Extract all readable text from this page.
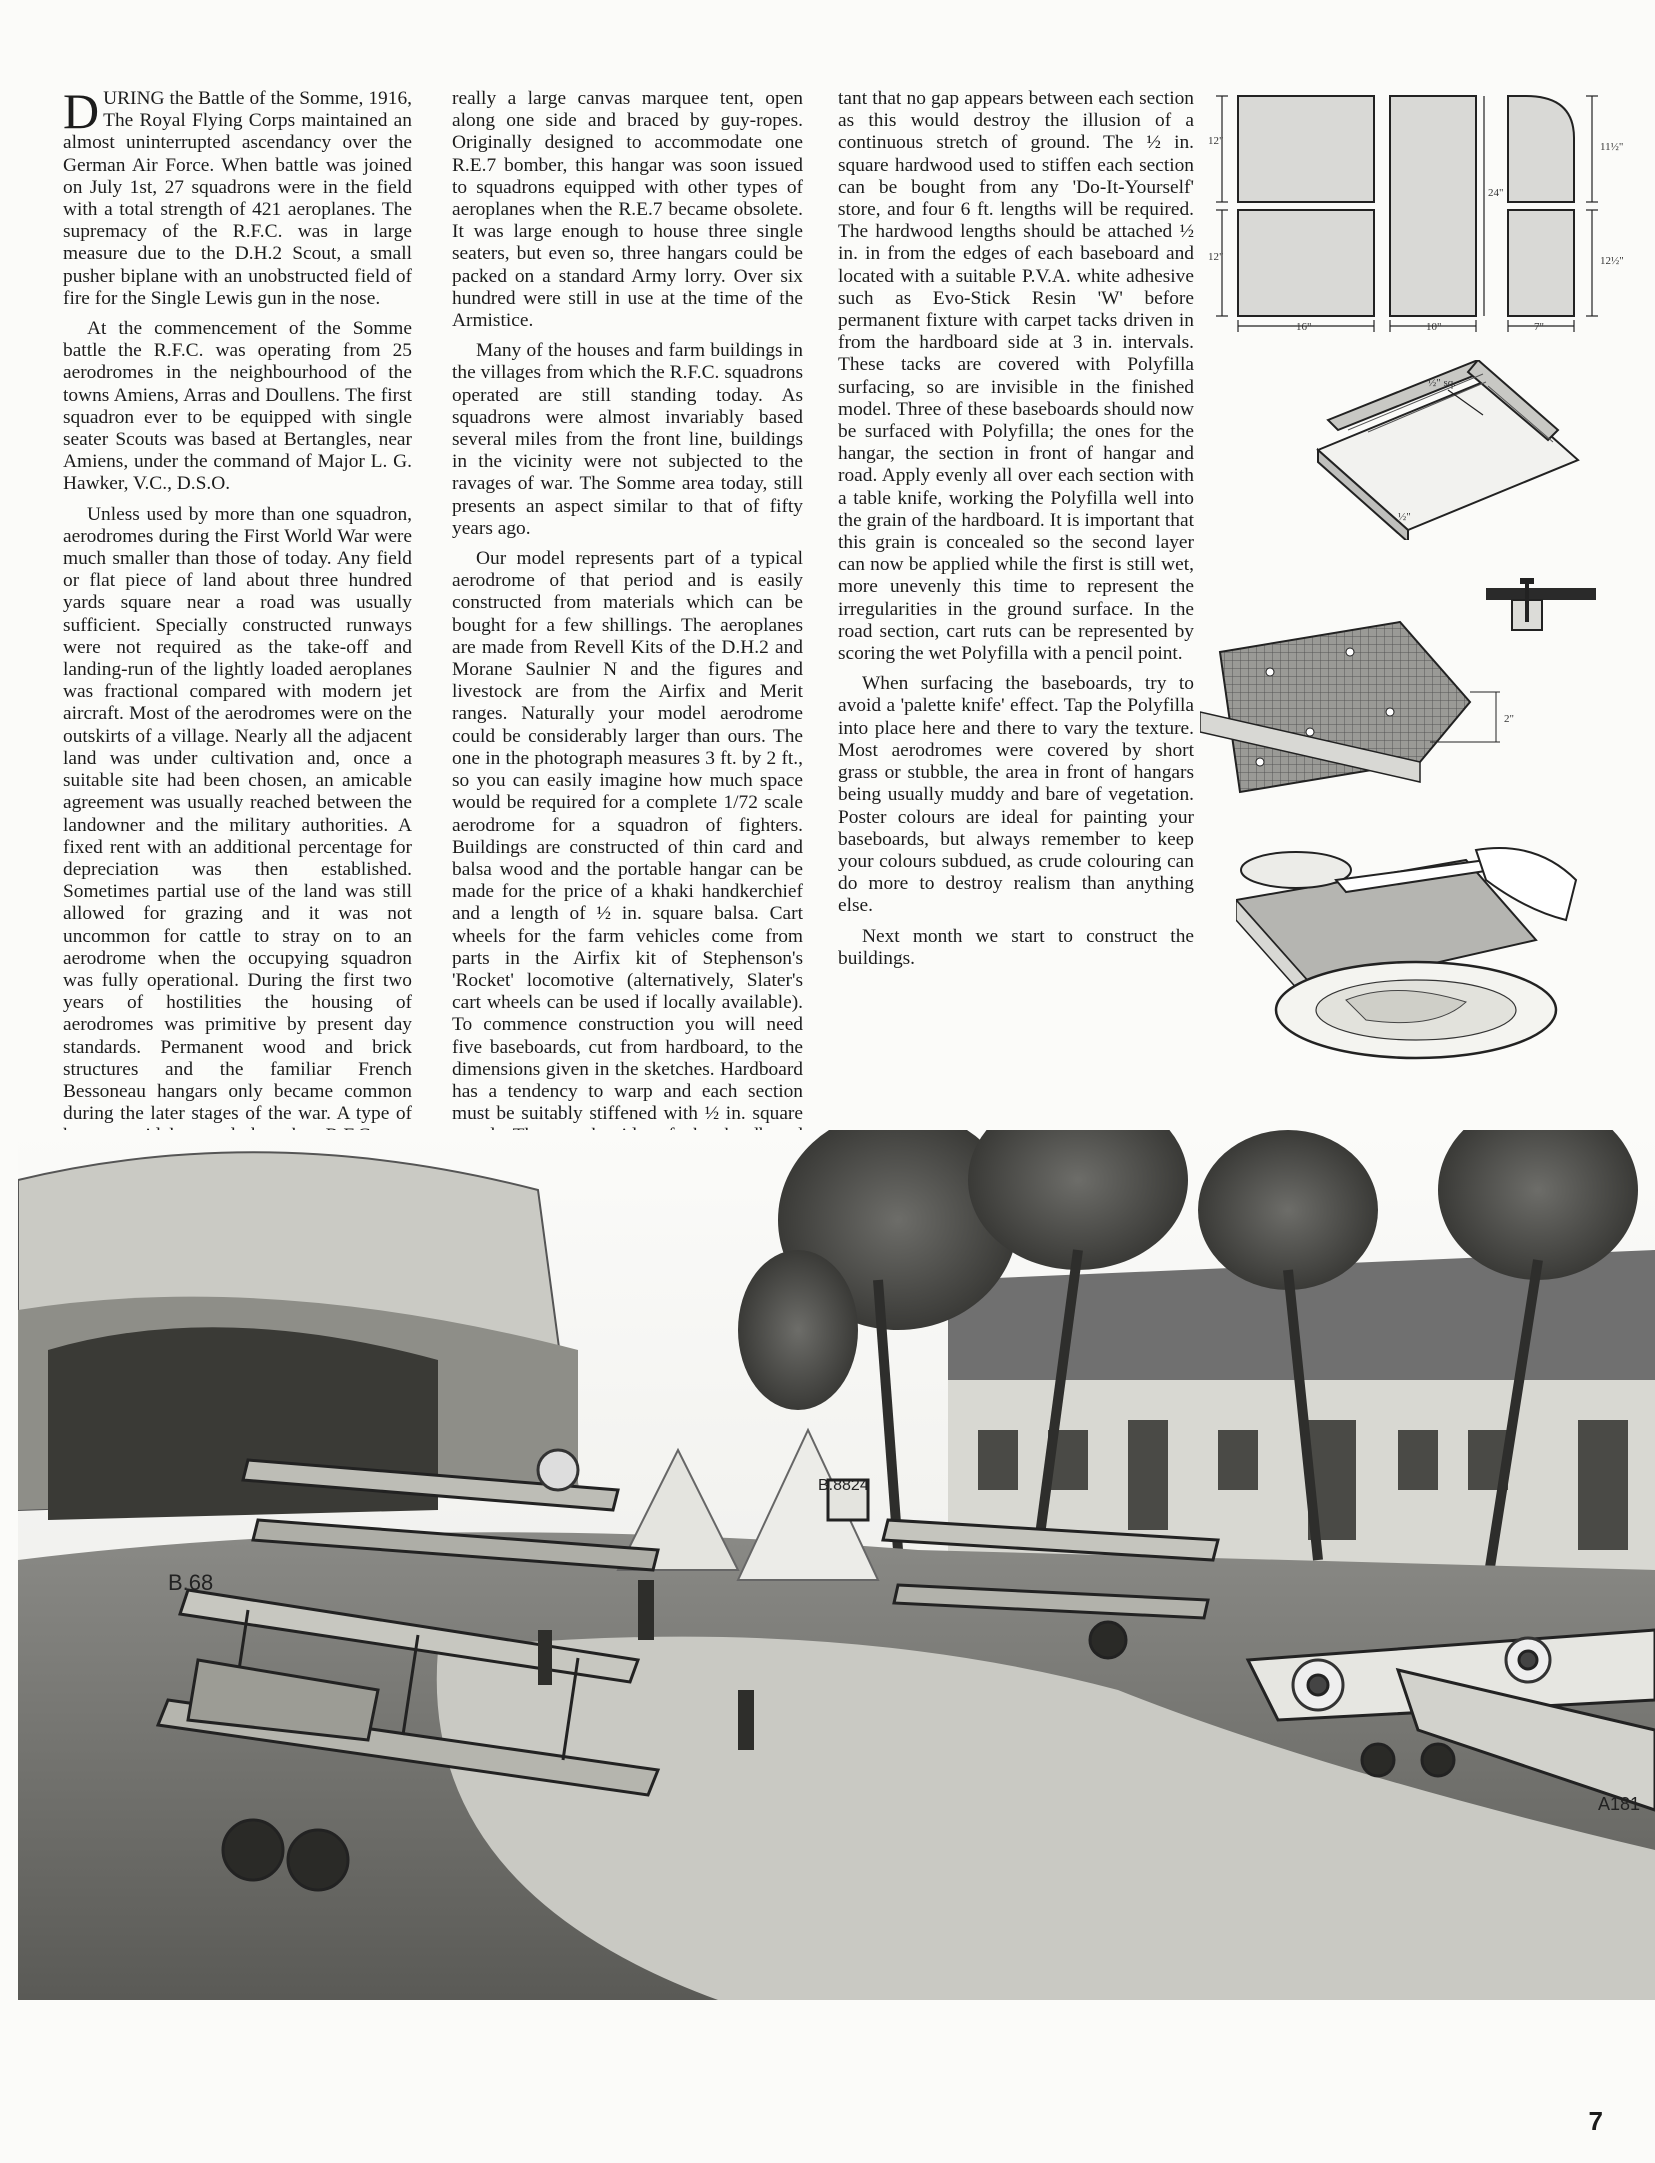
DURING the Battle of the Somme, 1916, The Royal Flying Corps maintained an almost uninterrupted ascendancy over the German Air Force. When battle was joined on July 1st, 27 squadrons were in the field with a total strength of 421 aeroplanes. The supremacy of the R.F.C. was in large measure due to the D.H.2 Scout, a small pusher biplane with an unobstructed field of fire for the Single Lewis gun in the nose.

At the commencement of the Somme battle the R.F.C. was operating from 25 aerodromes in the neighbourhood of the towns Amiens, Arras and Doullens. The first squadron ever to be equipped with single seater Scouts was based at Bertangles, near Amiens, under the command of Major L. G. Hawker, V.C., D.S.O.

Unless used by more than one squadron, aerodromes during the First World War were much smaller than those of today. Any field or flat piece of land about three hundred yards square near a road was usually sufficient. Specially constructed runways were not required as the take-off and landing-run of the lightly loaded aeroplanes was fractional compared with modern jet aircraft. Most of the aerodromes were on the outskirts of a village. Nearly all the adjacent land was under cultivation and, once a suitable site had been chosen, an amicable agreement was usually reached between the landowner and the military authorities. A fixed rent with an additional percentage for depreciation was then established. Sometimes partial use of the land was still allowed for grazing and it was not uncommon for cattle to stray on to an aerodrome when the occupying squadron was fully operational. During the first two years of hostilities the housing of aerodromes was primitive by present day standards. Permanent wood and brick structures and the familiar French Bessoneau hangars only became common during the later stages of the war. A type of

really a large canvas marquee tent, open along one side and braced by guy-ropes. Originally designed to accommodate one R.E.7 bomber, this hangar was soon issued to squadrons equipped with other types of aeroplanes when the R.E.7 became obsolete. It was large enough to house three single seaters, but even so, three hangars could be packed on a standard Army lorry. Over six hundred were still in use at the time of the Armistice.

Many of the houses and farm buildings in the villages from which the R.F.C. squadrons operated are still standing today. As squadrons were almost invariably based several miles from the front line, buildings in the vicinity were not subjected to the ravages of war. The Somme area today, still presents an aspect similar to that of fifty years ago.

Our model represents part of a typical aerodrome of that period and is easily constructed from materials which can be bought for a few shillings. The aeroplanes are made from Revell Kits of the D.H.2 and Morane Saulnier N and the figures and livestock are from the Airfix and Merit ranges. Naturally your model aerodrome could be considerably larger than ours. The one in the photograph measures 3 ft. by 2 ft., so you can easily imagine how much space would be required for a complete 1/72 scale aerodrome for a squadron of fighters. Buildings are constructed of thin card and balsa wood and the portable hangar can be made for the price of a khaki handkerchief and a length of ½ in. square balsa. Cart wheels for the farm vehicles come from parts in the Airfix kit of Stephenson's 'Rocket' locomotive (alternatively, Slater's cart wheels can be used if locally available). To commence construction you will need five baseboards, cut from hardboard, to the dimensions given in the sketches. Hardboard has a tendency to warp and each section must be suitably stiffened with ½ in. square

tant that no gap appears between each section as this would destroy the illusion of a continuous stretch of ground. The ½ in. square hardwood used to stiffen each section can be bought from any 'Do-It-Yourself' store, and four 6 ft. lengths will be required. The hardwood lengths should be attached ½ in. in from the edges of each baseboard and located with a suitable P.V.A. white adhesive such as Evo-Stick Resin 'W' before permanent fixture with carpet tacks driven in from the hardboard side at 3 in. intervals. These tacks are covered with Polyfilla surfacing, so are invisible in the finished model. Three of these baseboards should now be surfaced with Polyfilla; the ones for the hangar, the section in front of hangar and road. Apply evenly all over each section with a table knife, working the Polyfilla well into the grain of the hardboard. It is important that this grain is concealed so the second layer can now be applied while the first is still wet, more unevenly this time to represent the irregularities in the ground surface. In the road section, cart ruts can be represented by scoring the wet Polyfilla with a pencil point.

When surfacing the baseboards, try to avoid a 'palette knife' effect. Tap the Polyfilla into place here and there to vary the texture. Most aerodromes were covered by short grass or stubble, the area in front of hangars being usually muddy and bare of vegetation. Poster colours are ideal for painting your baseboards, but always remember to keep your colours subdued, as crude colouring can do more to destroy realism than anything else.

Next month we start to construct the buildings.

12"
12"
24"
16"	10"	7"
11½"
12½"
½" sq.
½"
2"
B.68
B.8824
A181
7
